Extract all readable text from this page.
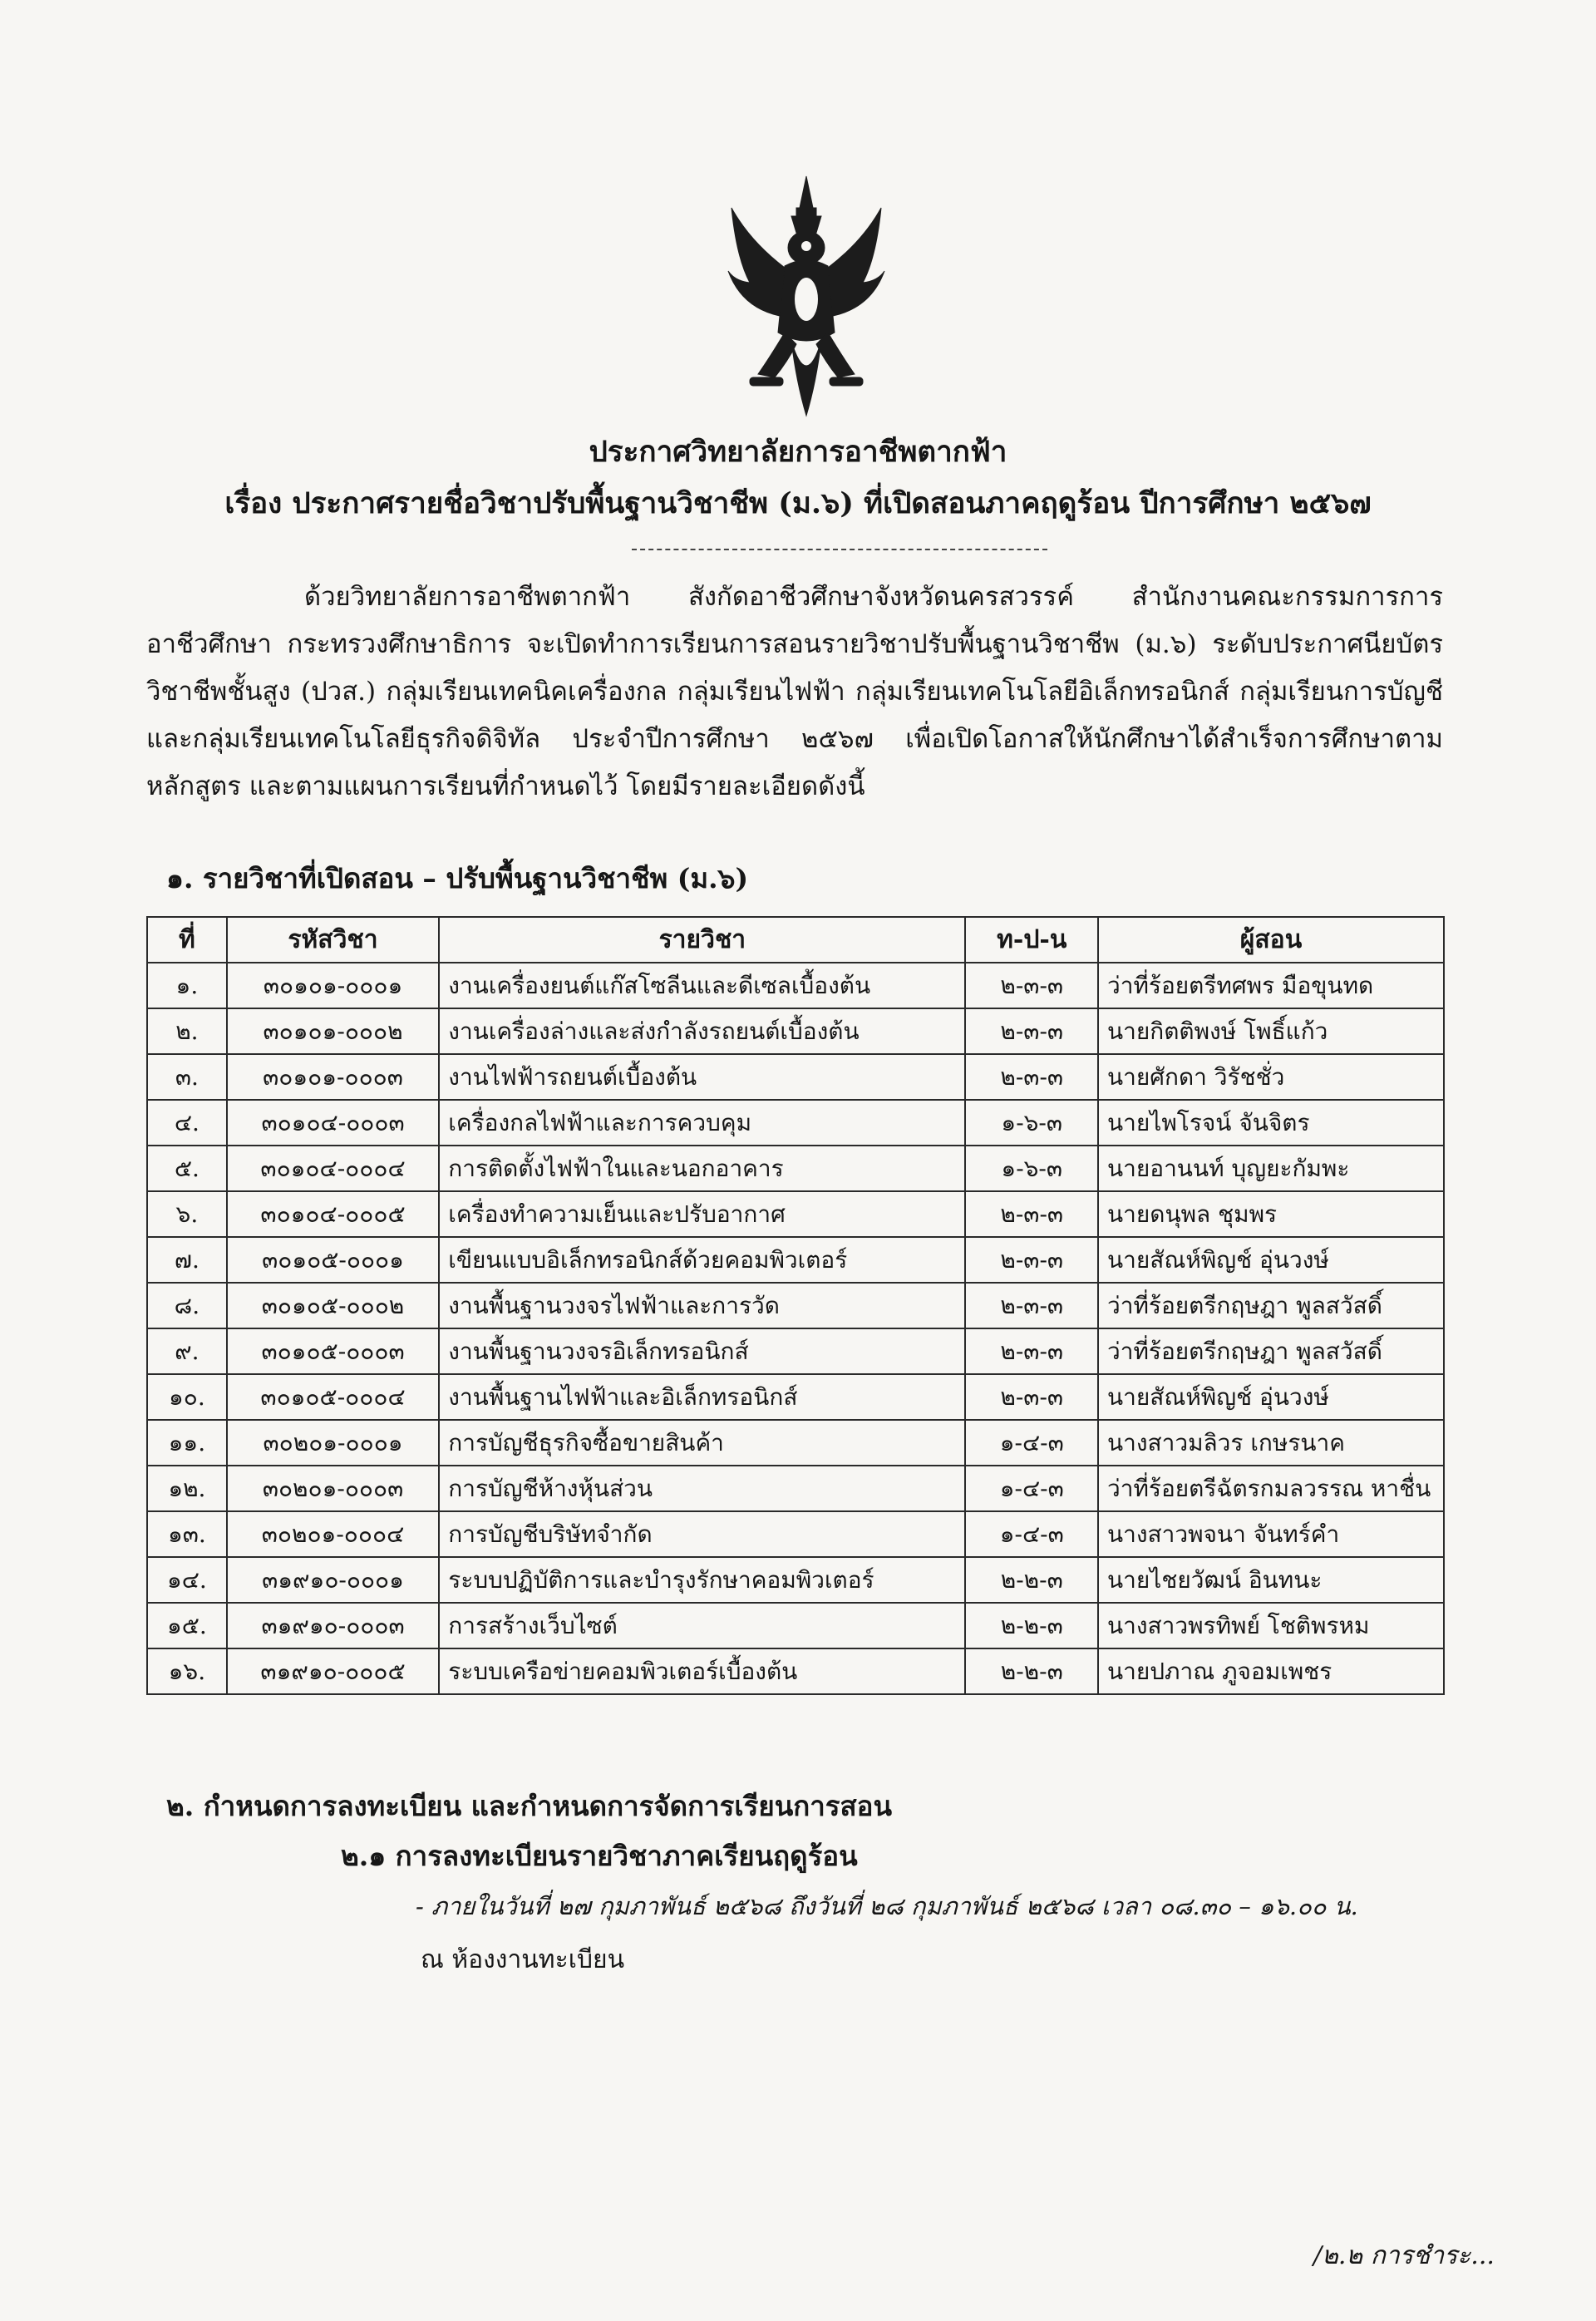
ประกาศวิทยาลัยการอาชีพตากฟ้า
เรื่อง ประกาศรายชื่อวิชาปรับพื้นฐานวิชาชีพ (ม.๖) ที่เปิดสอนภาคฤดูร้อน ปีการศึกษา ๒๕๖๗

ด้วยวิทยาลัยการอาชีพตากฟ้า สังกัดอาชีวศึกษาจังหวัดนครสวรรค์ สำนักงานคณะกรรมการการอาชีวศึกษา กระทรวงศึกษาธิการ จะเปิดทำการเรียนการสอนรายวิชาปรับพื้นฐานวิชาชีพ (ม.๖) ระดับประกาศนียบัตรวิชาชีพชั้นสูง (ปวส.) กลุ่มเรียนเทคนิคเครื่องกล กลุ่มเรียนไฟฟ้า กลุ่มเรียนเทคโนโลยีอิเล็กทรอนิกส์ กลุ่มเรียนการบัญชี และกลุ่มเรียนเทคโนโลยีธุรกิจดิจิทัล ประจำปีการศึกษา ๒๕๖๗ เพื่อเปิดโอกาสให้นักศึกษาได้สำเร็จการศึกษาตามหลักสูตร และตามแผนการเรียนที่กำหนดไว้ โดยมีรายละเอียดดังนี้

๑. รายวิชาที่เปิดสอน – ปรับพื้นฐานวิชาชีพ (ม.๖)
ที่	รหัสวิชา	รายวิชา	ท-ป-น	ผู้สอน
๑.	๓๐๑๐๑-๐๐๐๑	งานเครื่องยนต์แก๊สโซลีนและดีเซลเบื้องต้น	๒-๓-๓	ว่าที่ร้อยตรีทศพร มือขุนทด
๒.	๓๐๑๐๑-๐๐๐๒	งานเครื่องล่างและส่งกำลังรถยนต์เบื้องต้น	๒-๓-๓	นายกิตติพงษ์ โพธิ์แก้ว
๓.	๓๐๑๐๑-๐๐๐๓	งานไฟฟ้ารถยนต์เบื้องต้น	๒-๓-๓	นายศักดา วิรัชชั่ว
๔.	๓๐๑๐๔-๐๐๐๓	เครื่องกลไฟฟ้าและการควบคุม	๑-๖-๓	นายไพโรจน์ จันจิตร
๕.	๓๐๑๐๔-๐๐๐๔	การติดตั้งไฟฟ้าในและนอกอาคาร	๑-๖-๓	นายอานนท์ บุญยะกัมพะ
๖.	๓๐๑๐๔-๐๐๐๕	เครื่องทำความเย็นและปรับอากาศ	๒-๓-๓	นายดนุพล ชุมพร
๗.	๓๐๑๐๕-๐๐๐๑	เขียนแบบอิเล็กทรอนิกส์ด้วยคอมพิวเตอร์	๒-๓-๓	นายสัณห์พิญช์ อุ่นวงษ์
๘.	๓๐๑๐๕-๐๐๐๒	งานพื้นฐานวงจรไฟฟ้าและการวัด	๒-๓-๓	ว่าที่ร้อยตรีกฤษฎา พูลสวัสดิ์
๙.	๓๐๑๐๕-๐๐๐๓	งานพื้นฐานวงจรอิเล็กทรอนิกส์	๒-๓-๓	ว่าที่ร้อยตรีกฤษฎา พูลสวัสดิ์
๑๐.	๓๐๑๐๕-๐๐๐๔	งานพื้นฐานไฟฟ้าและอิเล็กทรอนิกส์	๒-๓-๓	นายสัณห์พิญช์ อุ่นวงษ์
๑๑.	๓๐๒๐๑-๐๐๐๑	การบัญชีธุรกิจซื้อขายสินค้า	๑-๔-๓	นางสาวมลิวร เกษรนาค
๑๒.	๓๐๒๐๑-๐๐๐๓	การบัญชีห้างหุ้นส่วน	๑-๔-๓	ว่าที่ร้อยตรีฉัตรกมลวรรณ หาชื่น
๑๓.	๓๐๒๐๑-๐๐๐๔	การบัญชีบริษัทจำกัด	๑-๔-๓	นางสาวพจนา จันทร์คำ
๑๔.	๓๑๙๑๐-๐๐๐๑	ระบบปฏิบัติการและบำรุงรักษาคอมพิวเตอร์	๒-๒-๓	นายไชยวัฒน์ อินทนะ
๑๕.	๓๑๙๑๐-๐๐๐๓	การสร้างเว็บไซต์	๒-๒-๓	นางสาวพรทิพย์ โชติพรหม
๑๖.	๓๑๙๑๐-๐๐๐๕	ระบบเครือข่ายคอมพิวเตอร์เบื้องต้น	๒-๒-๓	นายปภาณ ภูจอมเพชร
๒. กำหนดการลงทะเบียน และกำหนดการจัดการเรียนการสอน
๒.๑ การลงทะเบียนรายวิชาภาคเรียนฤดูร้อน
- ภายในวันที่ ๒๗ กุมภาพันธ์ ๒๕๖๘ ถึงวันที่ ๒๘ กุมภาพันธ์ ๒๕๖๘ เวลา ๐๘.๓๐ – ๑๖.๐๐ น.
ณ ห้องงานทะเบียน
/๒.๒ การชำระ...
